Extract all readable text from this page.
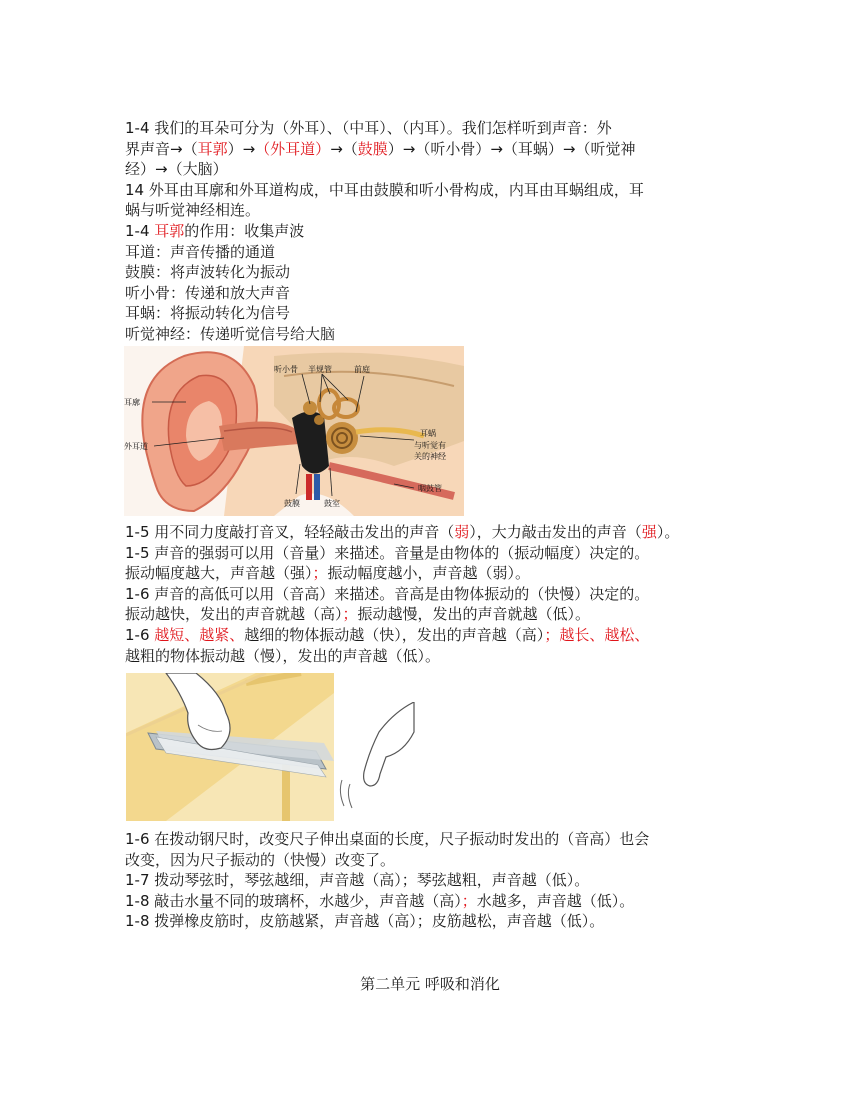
1-4 我们的耳朵可分为（外耳）、（中耳）、（内耳）。我们怎样听到声音：外
界声音→（耳郭）→（外耳道）→（鼓膜）→（听小骨）→（耳蜗）→（听觉神
经）→（大脑）
14 外耳由耳廓和外耳道构成，中耳由鼓膜和听小骨构成，内耳由耳蜗组成，耳
蜗与听觉神经相连。
1-4 耳郭的作用：收集声波
耳道：声音传播的通道
鼓膜：将声波转化为振动
听小骨：传递和放大声音
耳蜗：将振动转化为信号
听觉神经：传递听觉信号给大脑
耳廓
外耳道
听小骨 半规管	前庭
耳蜗
与听觉有
关的神经
咽鼓管
鼓膜	鼓室
1-5 用不同力度敲打音叉，轻轻敲击发出的声音（弱），大力敲击发出的声音（强）。
1-5 声音的强弱可以用（音量）来描述。音量是由物体的（振动幅度）决定的。
振动幅度越大，声音越（强）；振动幅度越小，声音越（弱）。
1-6 声音的高低可以用（音高）来描述。音高是由物体振动的（快慢）决定的。
振动越快，发出的声音就越（高）；振动越慢，发出的声音就越（低）。
1-6 越短、越紧、越细的物体振动越（快），发出的声音越（高）；越长、越松、
越粗的物体振动越（慢），发出的声音越（低）。
1-6 在拨动钢尺时，改变尺子伸出桌面的长度，尺子振动时发出的（音高）也会
改变，因为尺子振动的（快慢）改变了。
1-7 拨动琴弦时，琴弦越细，声音越（高）；琴弦越粗，声音越（低）。
1-8 敲击水量不同的玻璃杯，水越少，声音越（高）；水越多，声音越（低）。
1-8 拨弹橡皮筋时，皮筋越紧，声音越（高）；皮筋越松，声音越（低）。
第二单元 呼吸和消化
